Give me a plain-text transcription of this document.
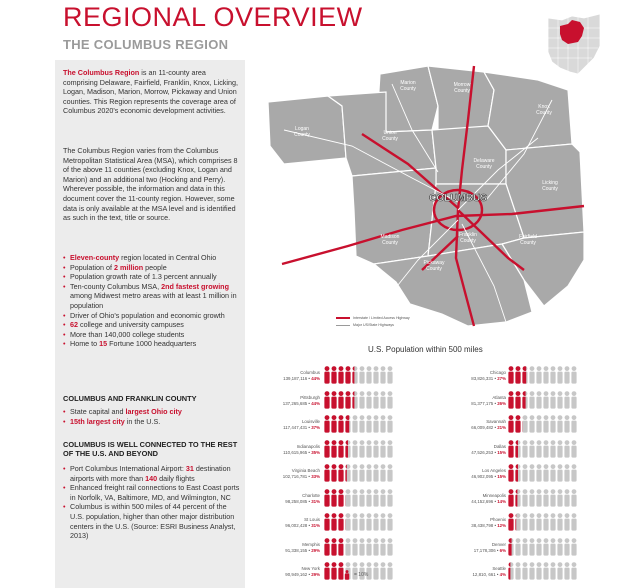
REGIONAL OVERVIEW
THE COLUMBUS REGION
The Columbus Region is an 11-county area comprising Delaware, Fairfield, Franklin, Knox, Licking, Logan, Madison, Marion, Morrow, Pickaway and Union counties. This Region represents the coverage area of Columbus 2020's economic development activities.
The Columbus Region varies from the Columbus Metropolitan Statistical Area (MSA), which comprises 8 of the above 11 counties (excluding Knox, Logan and Marion) and an additional two (Hocking and Perry). Wherever possible, the information and data in this document cover the 11-county region. However, some data is only available at the MSA level and is identified as such in the text, title or source.
• Eleven-county region located in Central Ohio
• Population of 2 million people
• Population growth rate of 1.3 percent annually
• Ten-county Columbus MSA, 2nd fastest growing among Midwest metro areas with at least 1 million in population
• Driver of Ohio's population and economic growth
• 62 college and university campuses
• More than 140,000 college students
• Home to 15 Fortune 1000 headquarters
COLUMBUS AND FRANKLIN COUNTY
• State capital and largest Ohio city
• 15th largest city in the U.S.
COLUMBUS IS WELL CONNECTED TO THE REST OF THE U.S. AND BEYOND
• Port Columbus International Airport: 31 destination airports with more than 140 daily flights
• Enhanced freight rail connections to East Coast ports in Norfolk, VA, Baltimore, MD, and Wilmington, NC
• Columbus is within 500 miles of 44 percent of the U.S. population, higher than other major distribution centers in the U.S. (Source: ESRI Business Analyst, 2013)
Marion County
Morrow County
Logan County	Union County
Knox County
Delaware County
Licking County
Madison County
Franklin County
Fairfield County
Pickaway County
COLUMBUS
Interstate / Limited Access Highway
Major US/State Highways
U.S. Population within 500 miles
Columbus
139,187,116 • 44%
Chicago
83,826,331 • 27%
Pittsburgh
137,265,685 • 44%
Atlanta
81,377,175 • 26%
Louisville
117,447,431 • 37%
Savannah
66,009,482 • 21%
Indianapolis
110,615,965 • 35%
Dallas
47,526,253 • 15%
Virginia Beach
102,716,781 • 33%
Los Angeles
46,902,095 • 15%
Charlotte
98,258,085 • 31%
Minneapolis
44,152,696 • 14%
St Louis
96,002,428 • 31%
Phoenix
38,438,798 • 12%
Memphis
91,338,155 • 29%
Denver
17,178,306 • 6%
New York
90,949,162 • 29%
Seattle
12,810, 661 • 4%
= 10%
